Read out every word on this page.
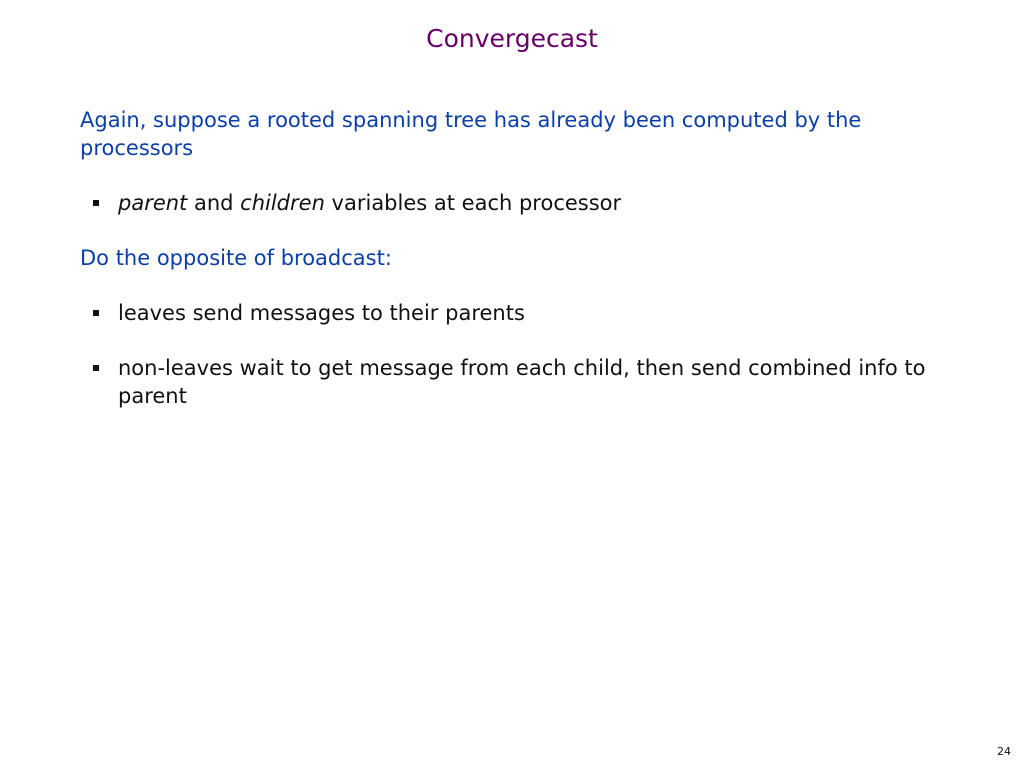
Convergecast

Again, suppose a rooted spanning tree has already been computed by the processors

parent and children variables at each processor

Do the opposite of broadcast:

leaves send messages to their parents
non-leaves wait to get message from each child, then send combined info to parent
24
